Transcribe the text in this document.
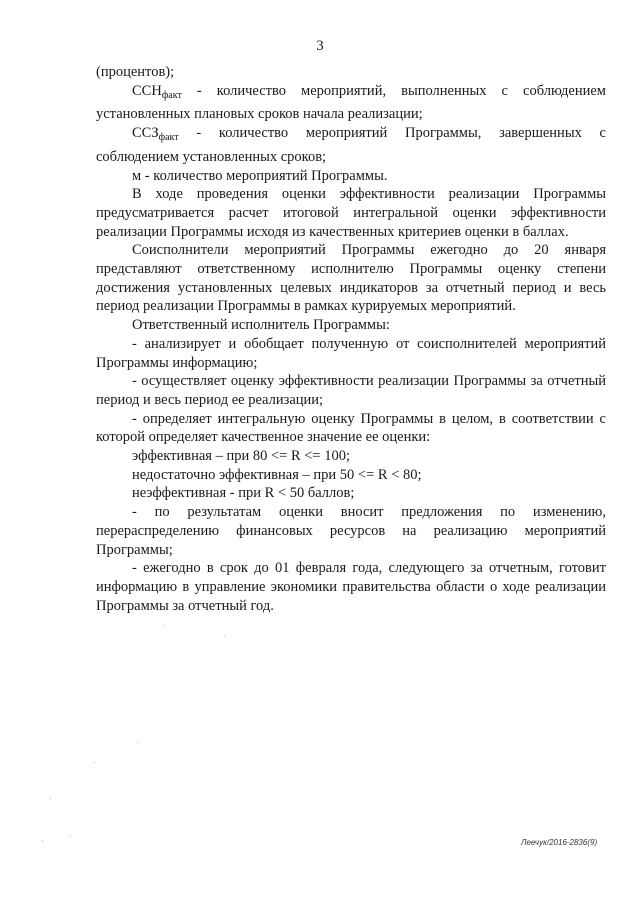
3

(процентов);

$ССН_{факт}$ - количество мероприятий, выполненных с соблюдением установленных плановых сроков начала реализации;

$ССЗ_{факт}$ - количество мероприятий Программы, завершенных с соблюдением установленных сроков;

м - количество мероприятий Программы.

В ходе проведения оценки эффективности реализации Программы предусматривается расчет итоговой интегральной оценки эффективности реализации Программы исходя из качественных критериев оценки в баллах.

Соисполнители мероприятий Программы ежегодно до 20 января представляют ответственному исполнителю Программы оценку степени достижения установленных целевых индикаторов за отчетный период и весь период реализации Программы в рамках курируемых мероприятий.

Ответственный исполнитель Программы:

- анализирует и обобщает полученную от соисполнителей мероприятий Программы информацию;

- осуществляет оценку эффективности реализации Программы за отчетный период и весь период ее реализации;

- определяет интегральную оценку Программы в целом, в соответствии с которой определяет качественное значение ее оценки:

эффективная – при 80 <= R <= 100;

недостаточно эффективная – при 50 <= R < 80;

неэффективная - при R < 50 баллов;

- по результатам оценки вносит предложения по изменению, перераспределению финансовых ресурсов на реализацию мероприятий Программы;

- ежегодно в срок до 01 февраля года, следующего за отчетным, готовит информацию в управление экономики правительства области о ходе реализации Программы за отчетный год.

Леечук/2016-2836(9)
